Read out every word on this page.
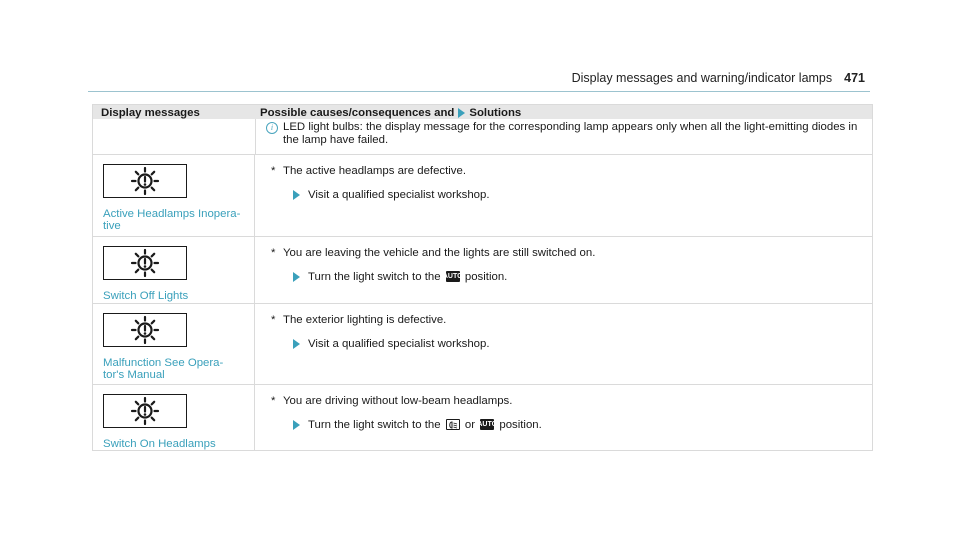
Display messages and warning/indicator lamps 471
Display messages	Possible causes/consequences and Solutions
i LED light bulbs: the display message for the corresponding lamp appears only when all the light-emitting diodes in the lamp have failed.
Active Headlamps Inopera-
tive
* The active headlamps are defective.
Visit a qualified specialist workshop.
Switch Off Lights
* You are leaving the vehicle and the lights are still switched on.
Turn the light switch to the AUTO position.
Malfunction See Opera-
tor's Manual
* The exterior lighting is defective.
Visit a qualified specialist workshop.
Switch On Headlamps
* You are driving without low-beam headlamps.
Turn the light switch to the or AUTO position.
